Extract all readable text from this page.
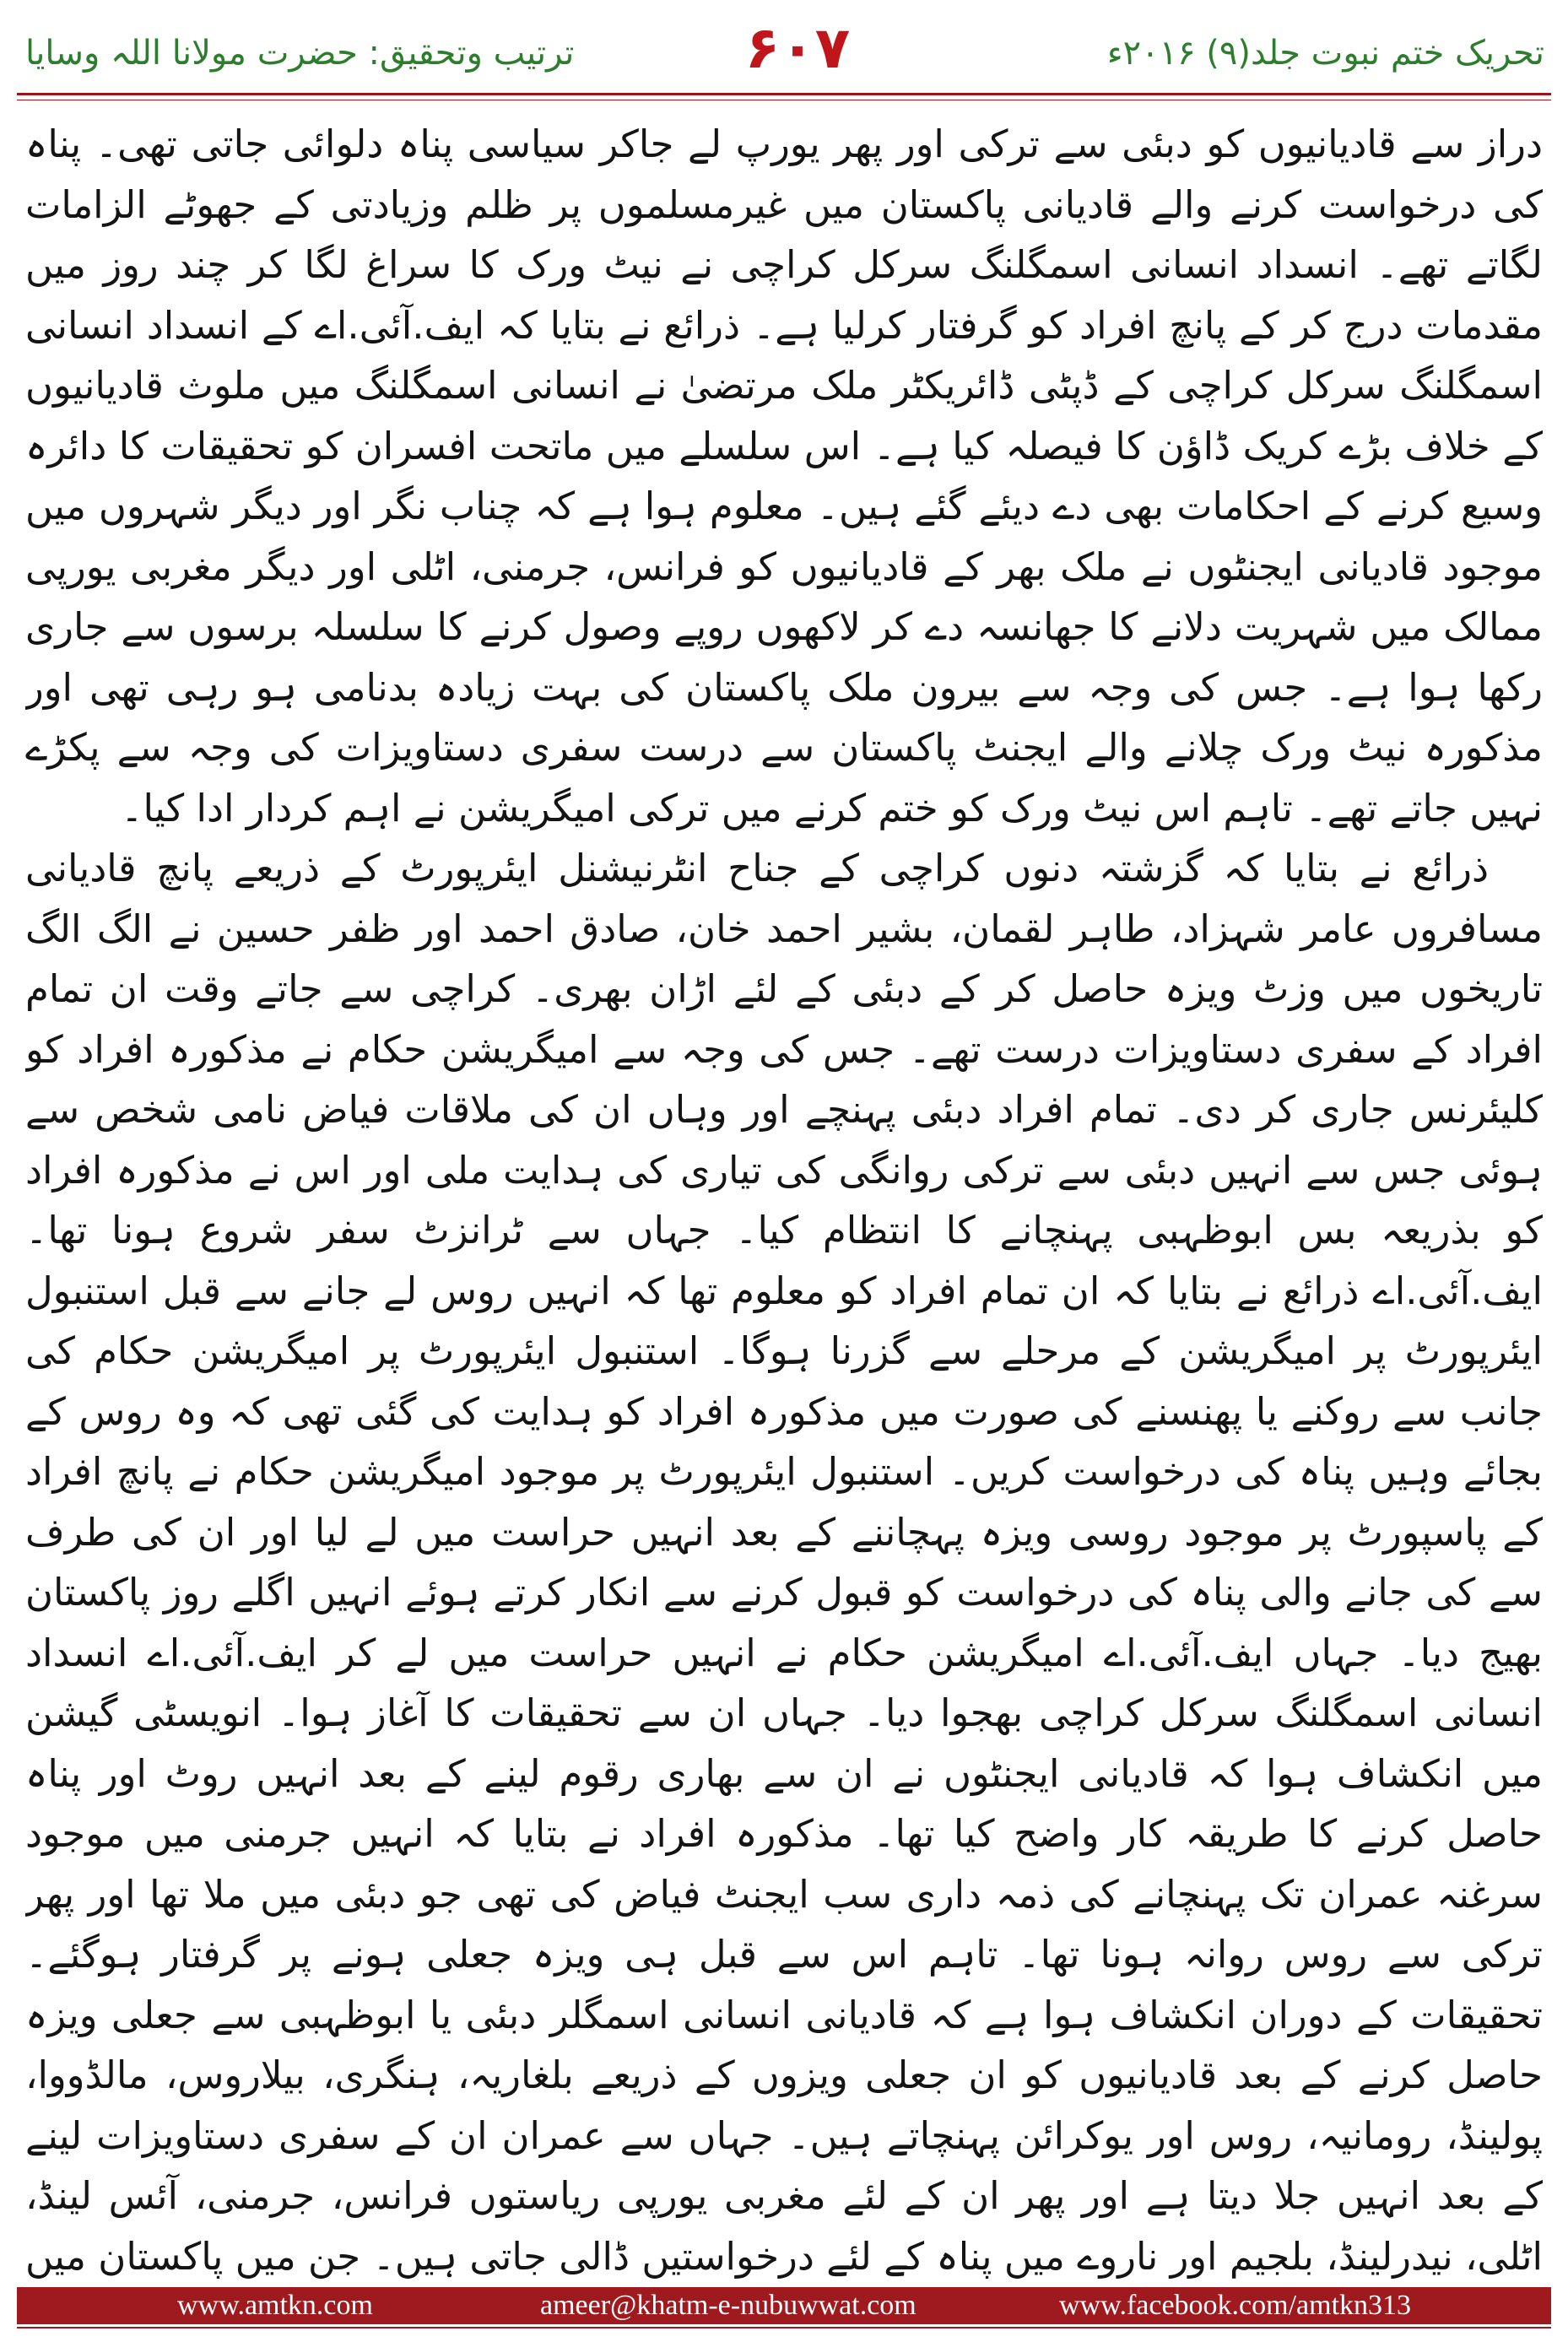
ترتیب وتحقیق: حضرت مولانا اللہ وسایا	۶۰۷	تحریک ختم نبوت جلد(۹) ۲۰۱۶ء

دراز سے قادیانیوں کو دبئی سے ترکی اور پھر یورپ لے جاکر سیاسی پناہ دلوائی جاتی تھی۔ پناہ کی درخواست کرنے والے قادیانی پاکستان میں غیرمسلموں پر ظلم وزیادتی کے جھوٹے الزامات لگاتے تھے۔ انسداد انسانی اسمگلنگ سرکل کراچی نے نیٹ ورک کا سراغ لگا کر چند روز میں مقدمات درج کر کے پانچ افراد کو گرفتار کرلیا ہے۔ ذرائع نے بتایا کہ ایف.آئی.اے کے انسداد انسانی اسمگلنگ سرکل کراچی کے ڈپٹی ڈائریکٹر ملک مرتضیٰ نے انسانی اسمگلنگ میں ملوث قادیانیوں کے خلاف بڑے کریک ڈاؤن کا فیصلہ کیا ہے۔ اس سلسلے میں ماتحت افسران کو تحقیقات کا دائرہ وسیع کرنے کے احکامات بھی دے دیئے گئے ہیں۔ معلوم ہوا ہے کہ چناب نگر اور دیگر شہروں میں موجود قادیانی ایجنٹوں نے ملک بھر کے قادیانیوں کو فرانس، جرمنی، اٹلی اور دیگر مغربی یورپی ممالک میں شہریت دلانے کا جھانسہ دے کر لاکھوں روپے وصول کرنے کا سلسلہ برسوں سے جاری رکھا ہوا ہے۔ جس کی وجہ سے بیرون ملک پاکستان کی بہت زیادہ بدنامی ہو رہی تھی اور مذکورہ نیٹ ورک چلانے والے ایجنٹ پاکستان سے درست سفری دستاویزات کی وجہ سے پکڑے نہیں جاتے تھے۔ تاہم اس نیٹ ورک کو ختم کرنے میں ترکی امیگریشن نے اہم کردار ادا کیا۔

ذرائع نے بتایا کہ گزشتہ دنوں کراچی کے جناح انٹرنیشنل ایئرپورٹ کے ذریعے پانچ قادیانی مسافروں عامر شہزاد، طاہر لقمان، بشیر احمد خان، صادق احمد اور ظفر حسین نے الگ الگ تاریخوں میں وزٹ ویزہ حاصل کر کے دبئی کے لئے اڑان بھری۔ کراچی سے جاتے وقت ان تمام افراد کے سفری دستاویزات درست تھے۔ جس کی وجہ سے امیگریشن حکام نے مذکورہ افراد کو کلیئرنس جاری کر دی۔ تمام افراد دبئی پہنچے اور وہاں ان کی ملاقات فیاض نامی شخص سے ہوئی جس سے انہیں دبئی سے ترکی روانگی کی تیاری کی ہدایت ملی اور اس نے مذکورہ افراد کو بذریعہ بس ابوظہبی پہنچانے کا انتظام کیا۔ جہاں سے ٹرانزٹ سفر شروع ہونا تھا۔ ایف.آئی.اے ذرائع نے بتایا کہ ان تمام افراد کو معلوم تھا کہ انہیں روس لے جانے سے قبل استنبول ایئرپورٹ پر امیگریشن کے مرحلے سے گزرنا ہوگا۔ استنبول ایئرپورٹ پر امیگریشن حکام کی جانب سے روکنے یا پھنسنے کی صورت میں مذکورہ افراد کو ہدایت کی گئی تھی کہ وہ روس کے بجائے وہیں پناہ کی درخواست کریں۔ استنبول ایئرپورٹ پر موجود امیگریشن حکام نے پانچ افراد کے پاسپورٹ پر موجود روسی ویزہ پہچاننے کے بعد انہیں حراست میں لے لیا اور ان کی طرف سے کی جانے والی پناہ کی درخواست کو قبول کرنے سے انکار کرتے ہوئے انہیں اگلے روز پاکستان بھیج دیا۔ جہاں ایف.آئی.اے امیگریشن حکام نے انہیں حراست میں لے کر ایف.آئی.اے انسداد انسانی اسمگلنگ سرکل کراچی بھجوا دیا۔ جہاں ان سے تحقیقات کا آغاز ہوا۔ انویسٹی گیشن میں انکشاف ہوا کہ قادیانی ایجنٹوں نے ان سے بھاری رقوم لینے کے بعد انہیں روٹ اور پناہ حاصل کرنے کا طریقہ کار واضح کیا تھا۔ مذکورہ افراد نے بتایا کہ انہیں جرمنی میں موجود سرغنہ عمران تک پہنچانے کی ذمہ داری سب ایجنٹ فیاض کی تھی جو دبئی میں ملا تھا اور پھر ترکی سے روس روانہ ہونا تھا۔ تاہم اس سے قبل ہی ویزہ جعلی ہونے پر گرفتار ہوگئے۔ تحقیقات کے دوران انکشاف ہوا ہے کہ قادیانی انسانی اسمگلر دبئی یا ابوظہبی سے جعلی ویزہ حاصل کرنے کے بعد قادیانیوں کو ان جعلی ویزوں کے ذریعے بلغاریہ، ہنگری، بیلاروس، مالڈووا، پولینڈ، رومانیہ، روس اور یوکرائن پہنچاتے ہیں۔ جہاں سے عمران ان کے سفری دستاویزات لینے کے بعد انہیں جلا دیتا ہے اور پھر ان کے لئے مغربی یورپی ریاستوں فرانس، جرمنی، آئس لینڈ، اٹلی، نیدرلینڈ، بلجیم اور ناروے میں پناہ کے لئے درخواستیں ڈالی جاتی ہیں۔ جن میں پاکستان میں

www.amtkn.com	ameer@khatm-e-nubuwwat.com	www.facebook.com/amtkn313
